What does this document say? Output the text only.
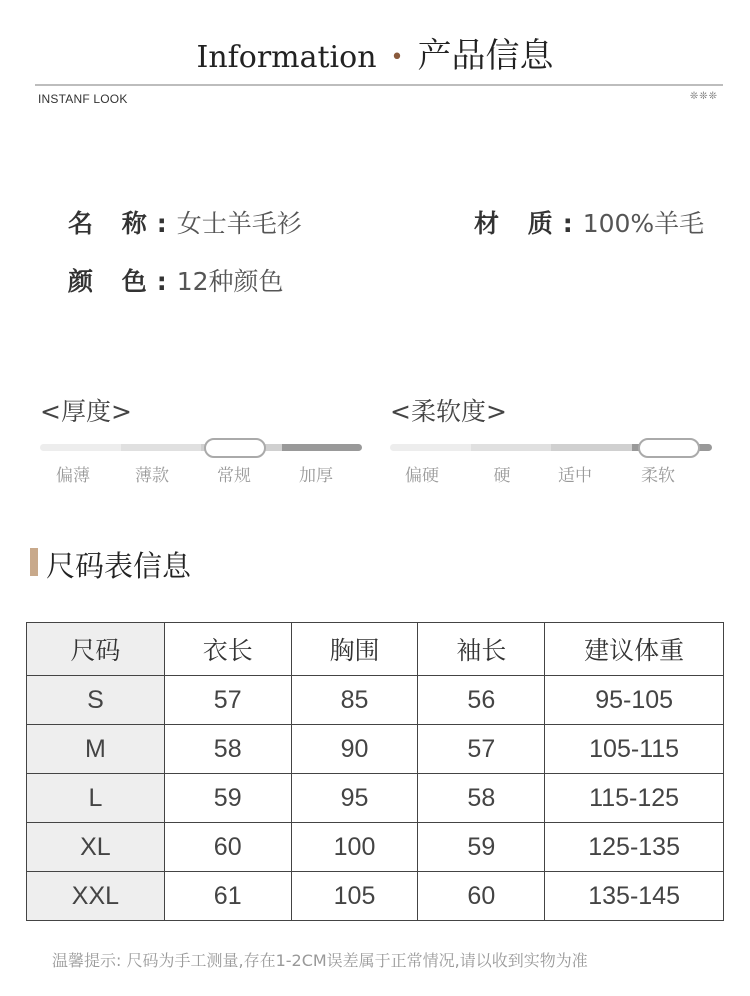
Information • 产品信息
INSTANF LOOK	❊❊❊
名 称:女士羊毛衫	材 质:100%羊毛
颜 色:12种颜色
<厚度>
偏薄	薄款	常规	加厚
<柔软度>
偏硬	硬	适中	柔软
尺码表信息
尺码	衣长	胸围	袖长	建议体重
S	57	85	56	95-105
M	58	90	57	105-115
L	59	95	58	115-125
XL	60	100	59	125-135
XXL	61	105	60	135-145
温馨提示: 尺码为手工测量,存在1-2CM误差属于正常情况,请以收到实物为准
